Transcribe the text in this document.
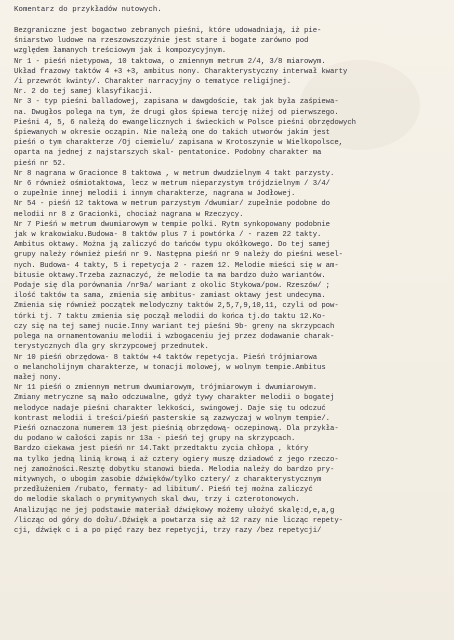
Komentarz do przykładów nutowych.
Bezgraniczne jest bogactwo zebranych pieśni, które udowadniają, iż pie-
śniarstwo ludowe na rzeszowszczyźnie jest stare i bogate zarówno pod
względem łamanych treściowym jak i kompozycyjnym.
Nr 1 - pieśń nietypowa, 10 taktowa, o zmiennym metrum 2/4, 3/8 miarowym.
Układ frazowy taktów 4 +3 +3, ambitus nony. Charakterystyczny interwał kwarty
/i przewrót kwinty/. Charakter narracyjny o tematyce religijnej.
Nr. 2 do tej samej klasyfikacji.
Nr 3 - typ pieśni balladowej, zapisana w dawgdoście, tak jak była zaśpiewa-
na. Dwugłos polega na tym, że drugi głos śpiewa tercję niżej od pierwszego.
Pieśni 4, 5, 6 należą do ewangelicznych i świeckich w Polsce pieśni obrzędowych
śpiewanych w okresie ocząpin. Nie należą one do takich utworów jakim jest
pieśń o tym charakterze /Oj ciemielu/ zapisana w Krotoszynie w Wielkopolsce,
oparta na jednej z najstarszych skal- pentatonice. Podobny charakter ma
pieśń nr 52.
Nr 8 nagrana w Gracionce 8 taktowa , w metrum dwudzielnym 4 takt parzysty.
Nr 6 również ośmiotaktowa, lecz w metrum nieparzystym trójdzielnym / 3/4/
o zupełnie innej melodii i innym charakterze, nagrana w Jodłowej.
Nr 54 - pieśń 12 taktowa w metrum parzystym /dwumiar/ zupełnie podobne do
melodii nr 8 z Gracionki, chociaż nagrana w Rzeczycy.
Nr 7 Pieśń w metrum dwumiarowym w tempie polki. Rytm synkopowany podobnie
jak w krakowiaku.Budowa- 8 taktów plus 7 i powtórka / - razem 22 takty.
Ambitus oktawy. Można ją zaliczyć do tańców typu okółkowego. Do tej samej
grupy należy również pieśń nr 9. Następna pieśń nr 9 należy do pieśni wesel-
nych. Budowa- 4 takty, 5 i repetycja 2 - razem 12. Melodie mieści się w am-
bitusie oktawy.Trzeba zaznaczyć, że melodie ta ma bardzo dużo wariantów.
Podaje się dla porównania /nr9a/ wariant z okolic Stykowa/pow. Rzeszów/ ;
ilość taktów ta sama, zmienia się ambitus- zamiast oktawy jest undecyma.
Zmienia się również początek melodyczny taktów 2,5,7,9,10,11, czyli od pow-
tórki tj. 7 taktu zmienia się począł melodii do końca tj.do taktu 12.Ko-
czy się na tej samej nucie.Inny wariant tej pieśni 9b- greny na skrzypcach
polega na ornamentowaniu melodii i wzbogaceniu jej przez dodawanie charak-
terystycznych dla gry skrzypcowej przednutek.
Nr 10 pieśń obrzędowa- 8 taktów +4 taktów repetycja. Pieśń trójmiarowa
o melancholijnym charakterze, w tonacji molowej, w wolnym tempie.Ambitus
małej nony.
Nr 11 pieśń o zmiennym metrum dwumiarowym, trójmiarowym i dwumiarowym.
Zmiany metryczne są mało odczuwalne, gdyż tywy charakter melodii o bogatej
melodyce nadaje pieśni charakter lekkości, swingowej. Daje się tu odczuć
kontrast melodii i treści/pieśń pasterskie są zazwyczaj w wolnym tempie/.
Pieśń oznaczona numerem 13 jest pieśnią obrzędową- oczepinową. Dla przykła-
du podano w całości zapis nr 13a - pieśń tej grupy na skrzypcach.
Bardzo ciekawa jest pieśń nr 14.Takt przedtaktu zycia chłopa , który
ma tylko jedną linią krową i aż cztery ogiery muszę dziadowć z jego rzeczo-
nej zamożności.Resztę dobytku stanowi bieda. Melodia należy do bardzo pry-
mitywnych, o ubogim zasobie dźwięków/tylko cztery/ z charakterystycznym
przedłużeniem /rubato, fermaty- ad libitum/. Pieśń tej można zaliczyć
do melodie skalach o prymitywnych skal dwu, trzy i czterotonowych.
Analizując ne jej podstawie materiał dźwiękowy możemy ułożyć skalę:d,e,a,g
/licząc od góry do dołu/.Dźwięk a powtarza się aż 12 razy nie licząc repety-
cji, dźwięk c i a po pięć razy bez repetycji, trzy razy /bez repetycji/
